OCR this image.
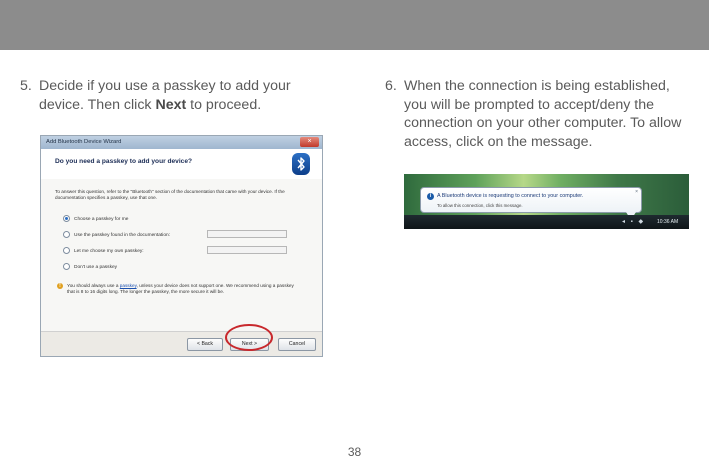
5. Decide if you use a passkey to add your device. Then click Next to proceed.
6. When the connection is being established, you will be prompted to accept/deny the connection on your other computer. To allow access, click on the message.
Add Bluetooth Device Wizard	×
Do you need a passkey to add your device?
To answer this question, refer to the "Bluetooth" section of the documentation that came with your device. If the documentation specifies a passkey, use that one.
Choose a passkey for me
Use the passkey found in the documentation:
Let me choose my own passkey:
Don't use a passkey
!	You should always use a passkey, unless your device does not support one. We recommend using a passkey that is 8 to 16 digits long. The longer the passkey, the more secure it will be.
< Back	Next >	Cancel
i	A Bluetooth device is requesting to connect to your computer.
To allow this connection, click this message.
×
◂ ▪ ◆ 10:36 AM
38
